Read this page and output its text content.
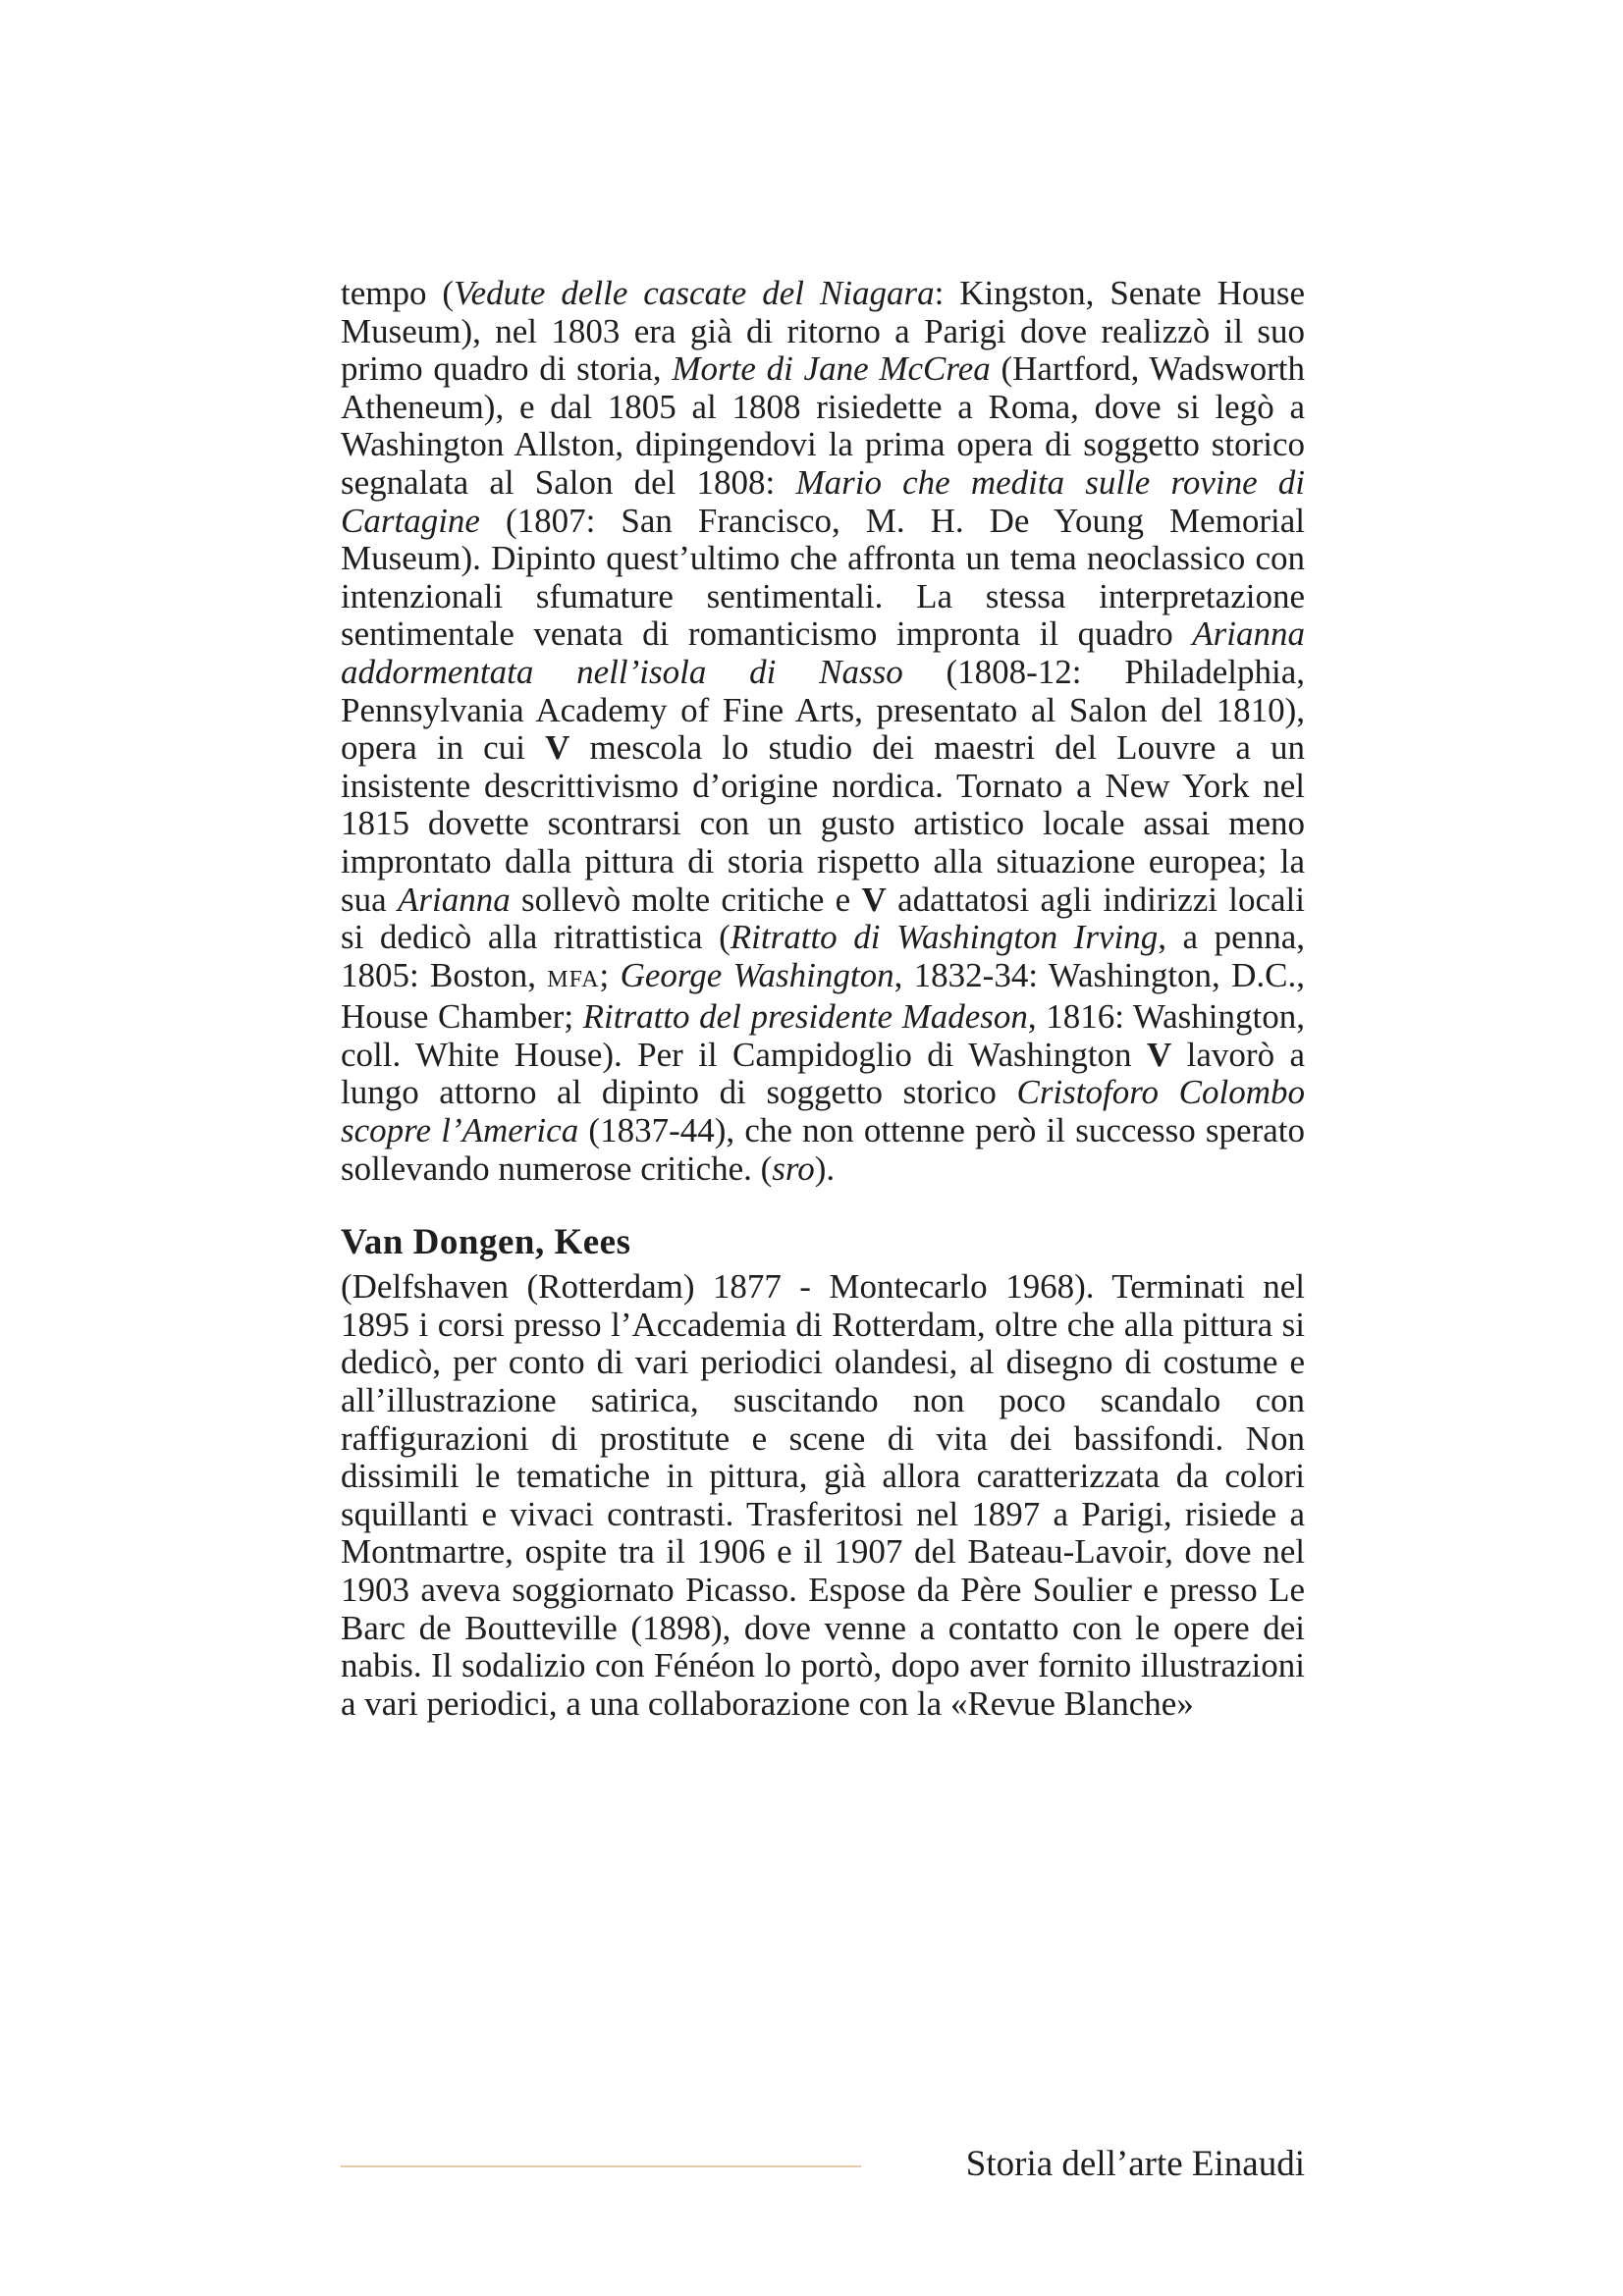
tempo (Vedute delle cascate del Niagara: Kingston, Senate House Museum), nel 1803 era già di ritorno a Parigi dove realizzò il suo primo quadro di storia, Morte di Jane McCrea (Hartford, Wadsworth Atheneum), e dal 1805 al 1808 risiedette a Roma, dove si legò a Washington Allston, dipingendovi la prima opera di soggetto storico segnalata al Salon del 1808: Mario che medita sulle rovine di Cartagine (1807: San Francisco, M. H. De Young Memorial Museum). Dipinto quest’ultimo che affronta un tema neoclassico con intenzionali sfumature sentimentali. La stessa interpretazione sentimentale venata di romanticismo impronta il quadro Arianna addormentata nell’isola di Nasso (1808-12: Philadelphia, Pennsylvania Academy of Fine Arts, presentato al Salon del 1810), opera in cui V mescola lo studio dei maestri del Louvre a un insistente descrittivismo d’origine nordica. Tornato a New York nel 1815 dovette scontrarsi con un gusto artistico locale assai meno improntato dalla pittura di storia rispetto alla situazione europea; la sua Arianna sollevò molte critiche e V adattatosi agli indirizzi locali si dedicò alla ritrattistica (Ritratto di Washington Irving, a penna, 1805: Boston, MFA; George Washington, 1832-34: Washington, D.C., House Chamber; Ritratto del presidente Madeson, 1816: Washington, coll. White House). Per il Campidoglio di Washington V lavorò a lungo attorno al dipinto di soggetto storico Cristoforo Colombo scopre l’America (1837-44), che non ottenne però il successo sperato sollevando numerose critiche. (sro).

Van Dongen, Kees

(Delfshaven (Rotterdam) 1877 - Montecarlo 1968). Terminati nel 1895 i corsi presso l’Accademia di Rotterdam, oltre che alla pittura si dedicò, per conto di vari periodici olandesi, al disegno di costume e all’illustrazione satirica, suscitando non poco scandalo con raffigurazioni di prostitute e scene di vita dei bassifondi. Non dissimili le tematiche in pittura, già allora caratterizzata da colori squillanti e vivaci contrasti. Trasferitosi nel 1897 a Parigi, risiede a Montmartre, ospite tra il 1906 e il 1907 del Bateau-Lavoir, dove nel 1903 aveva soggiornato Picasso. Espose da Père Soulier e presso Le Barc de Boutteville (1898), dove venne a contatto con le opere dei nabis. Il sodalizio con Fénéon lo portò, dopo aver fornito illustrazioni a vari periodici, a una collaborazione con la «Revue Blanche»

Storia dell’arte Einaudi
